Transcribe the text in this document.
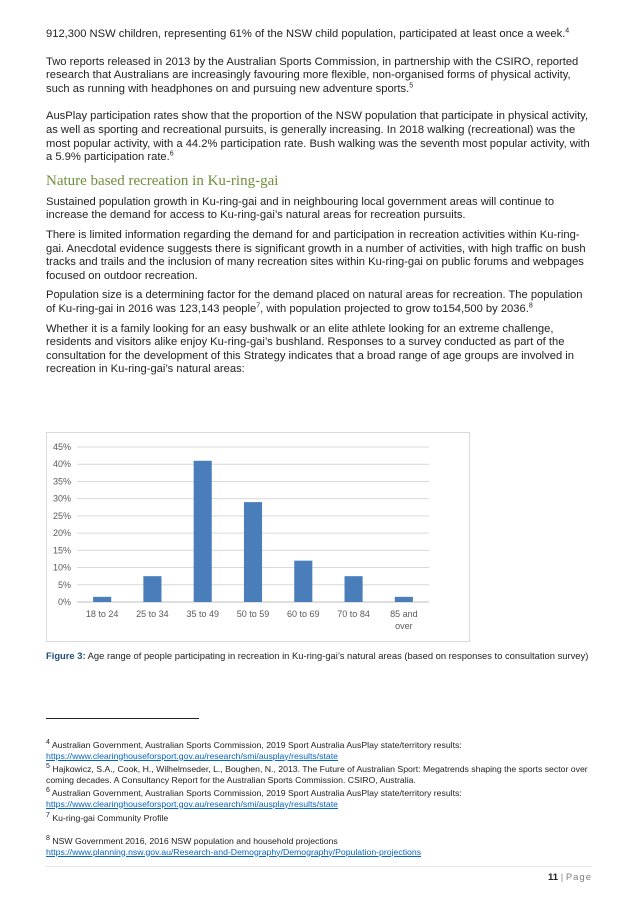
912,300 NSW children, representing 61% of the NSW child population, participated at least once a week.$^4$

Two reports released in 2013 by the Australian Sports Commission, in partnership with the CSIRO, reported research that Australians are increasingly favouring more flexible, non-organised forms of physical activity, such as running with headphones on and pursuing new adventure sports.$^5$

AusPlay participation rates show that the proportion of the NSW population that participate in physical activity, as well as sporting and recreational pursuits, is generally increasing. In 2018 walking (recreational) was the most popular activity, with a 44.2% participation rate. Bush walking was the seventh most popular activity, with a 5.9% participation rate.$^6$

Nature based recreation in Ku-ring-gai

Sustained population growth in Ku-ring-gai and in neighbouring local government areas will continue to increase the demand for access to Ku-ring-gai’s natural areas for recreation pursuits.

There is limited information regarding the demand for and participation in recreation activities within Ku-ring-gai. Anecdotal evidence suggests there is significant growth in a number of activities, with high traffic on bush tracks and trails and the inclusion of many recreation sites within Ku-ring-gai on public forums and webpages focused on outdoor recreation.

Population size is a determining factor for the demand placed on natural areas for recreation. The population of Ku-ring-gai in 2016 was 123,143 people$^7$, with population projected to grow to154,500 by 2036.$^8$

Whether it is a family looking for an easy bushwalk or an elite athlete looking for an extreme challenge, residents and visitors alike enjoy Ku-ring-gai’s bushland. Responses to a survey conducted as part of the consultation for the development of this Strategy indicates that a broad range of age groups are involved in recreation in Ku-ring-gai’s natural areas:

0%
5%
10%
15%
20%
25%
30%
35%
40%
45%
18 to 24 25 to 34 35 to 49 50 to 59 60 to 69 70 to 84 85 and
over
Figure 3: Age range of people participating in recreation in Ku-ring-gai’s natural areas (based on responses to consultation survey)
$^4$ Australian Government, Australian Sports Commission, 2019 Sport Australia AusPlay state/territory results:
https://www.clearinghouseforsport.gov.au/research/smi/ausplay/results/state
$^5$ Hajkowicz, S.A., Cook, H., Wilhelmseder, L., Boughen, N., 2013. The Future of Australian Sport: Megatrends shaping the sports sector over coming decades. A Consultancy Report for the Australian Sports Commission. CSIRO, Australia.
$^6$ Australian Government, Australian Sports Commission, 2019 Sport Australia AusPlay state/territory results:
https://www.clearinghouseforsport.gov.au/research/smi/ausplay/results/state
$^7$ Ku-ring-gai Community Profile
$^8$ NSW Government 2016, 2016 NSW population and household projections
https://www.planning.nsw.gov.au/Research-and-Demography/Demography/Population-projections
11 | Page
